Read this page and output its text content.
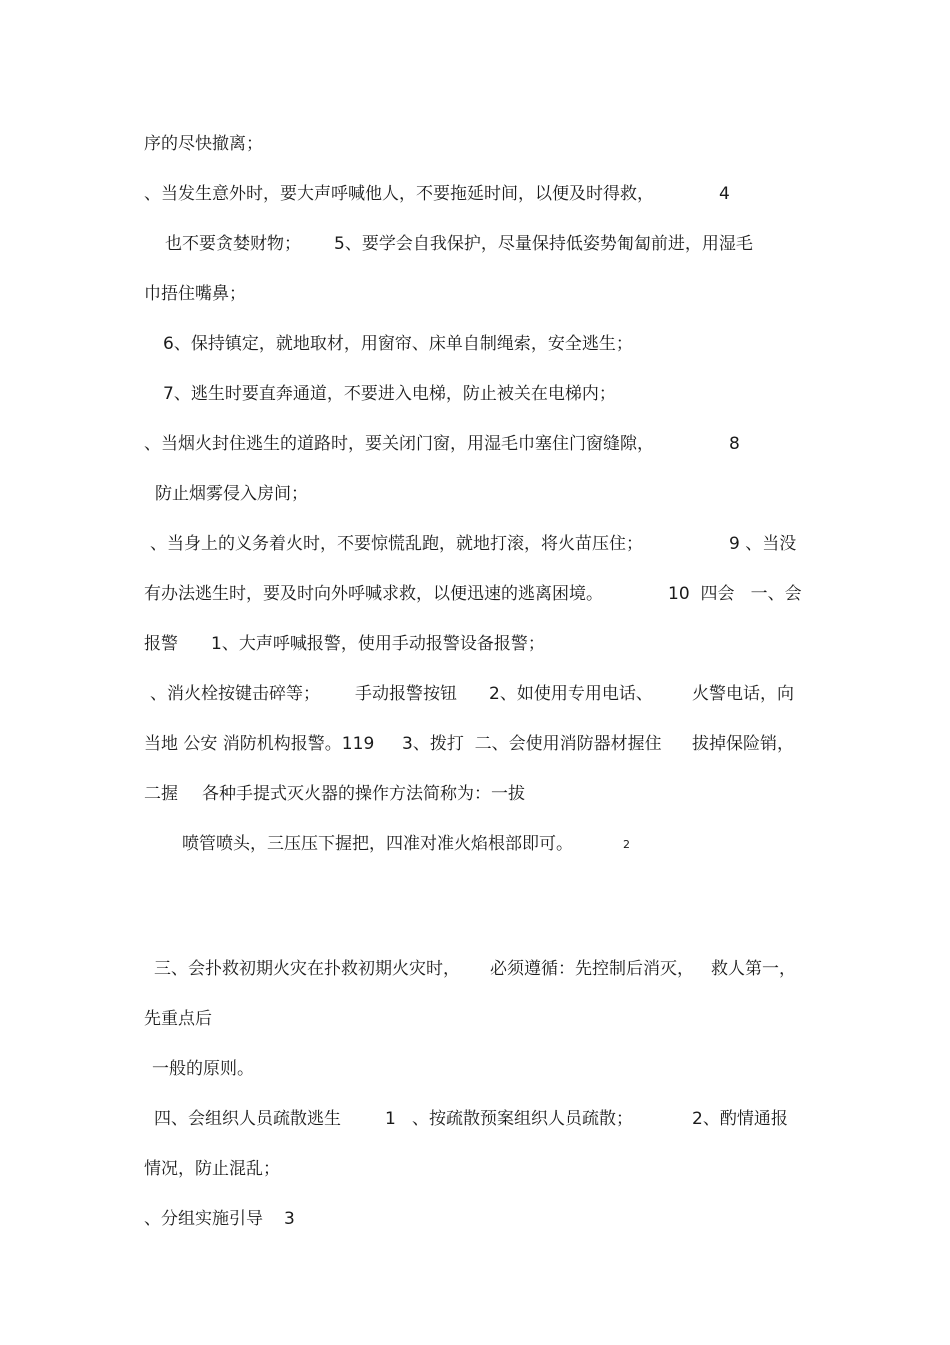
序的尽快撤离；
、当发生意外时，要大声呼喊他人，不要拖延时间，以便及时得救，	4
也不要贪婪财物； 5、要学会自我保护，尽量保持低姿势匍匐前进，用湿毛
巾捂住嘴鼻；
6、保持镇定，就地取材，用窗帘、床单自制绳索，安全逃生；
7、逃生时要直奔通道，不要进入电梯，防止被关在电梯内；
、当烟火封住逃生的道路时，要关闭门窗，用湿毛巾塞住门窗缝隙，	8
防止烟雾侵入房间；
、当身上的义务着火时，不要惊慌乱跑，就地打滚，将火苗压住；	9 、当没
有办法逃生时，要及时向外呼喊求救，以便迅速的逃离困境。	10  四会   一、会
报警 1、大声呼喊报警，使用手动报警设备报警；
、消火栓按键击碎等； 手动报警按钮 2、如使用专用电话、 火警电话，向
当地 公安 消防机构报警。119 3、拨打  二、会使用消防器材握住 拔掉保险销，
二握 各种手提式灭火器的操作方法简称为：一拔
喷管喷头，三压压下握把，四准对准火焰根部即可。	2
三、会扑救初期火灾在扑救初期火灾时， 必须遵循：先控制后消灭， 救人第一，
先重点后
一般的原则。
四、会组织人员疏散逃生	1 、按疏散预案组织人员疏散；	2、酌情通报
情况，防止混乱；
、分组实施引导 3
